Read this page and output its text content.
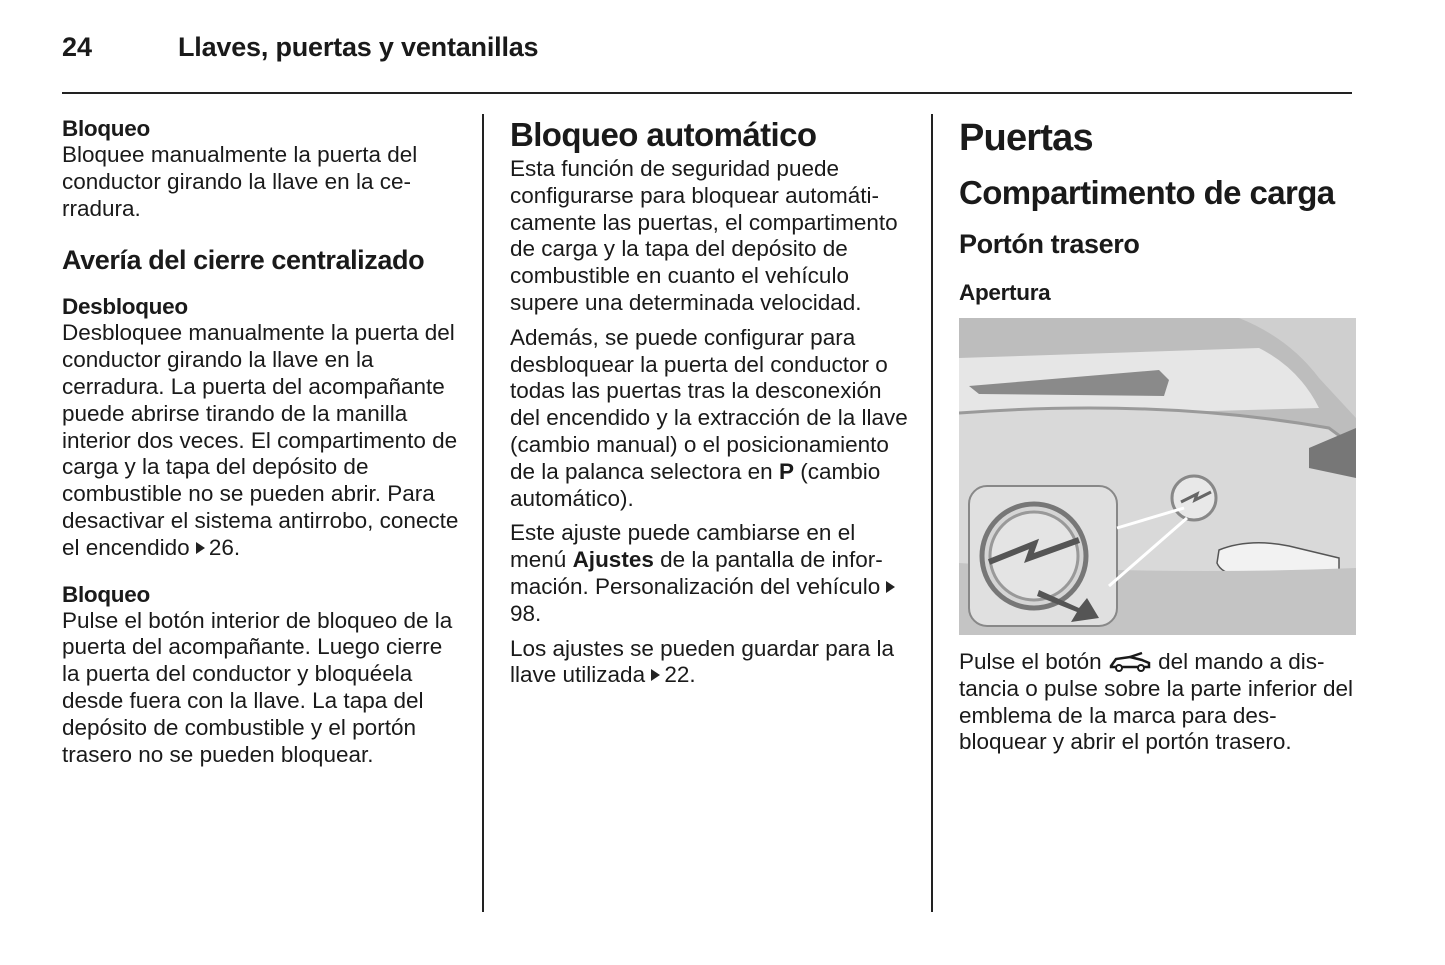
24	Llaves, puertas y ventanillas
Bloqueo

Bloquee manualmente la puerta del conductor girando la llave en la cerradura.

Avería del cierre centralizado
Desbloqueo

Desbloquee manualmente la puerta del conductor girando la llave en la cerradura. La puerta del acompañante puede abrirse tirando de la manilla interior dos veces. El compartimento de carga y la tapa del depósito de combustible no se pueden abrir. Para desactivar el sistema antirrobo, conecte el encendido 26.

Bloqueo

Pulse el botón interior de bloqueo de la puerta del acompañante. Luego cierre la puerta del conductor y bloquéela desde fuera con la llave. La tapa del depósito de combustible y el portón trasero no se pueden bloquear.

Bloqueo automático

Esta función de seguridad puede configurarse para bloquear automáticamente las puertas, el compartimento de carga y la tapa del depósito de combustible en cuanto el vehículo supere una determinada velocidad.

Además, se puede configurar para desbloquear la puerta del conductor o todas las puertas tras la desconexión del encendido y la extracción de la llave (cambio manual) o el posicionamiento de la palanca selectora en P (cambio automático).

Este ajuste puede cambiarse en el menú Ajustes de la pantalla de información. Personalización del vehículo 98.

Los ajustes se pueden guardar para la llave utilizada 22.

Puertas
Compartimento de carga
Portón trasero
Apertura

Pulse el botón	del mando a distancia o pulse sobre la parte inferior del emblema de la marca para desbloquear y abrir el portón trasero.
